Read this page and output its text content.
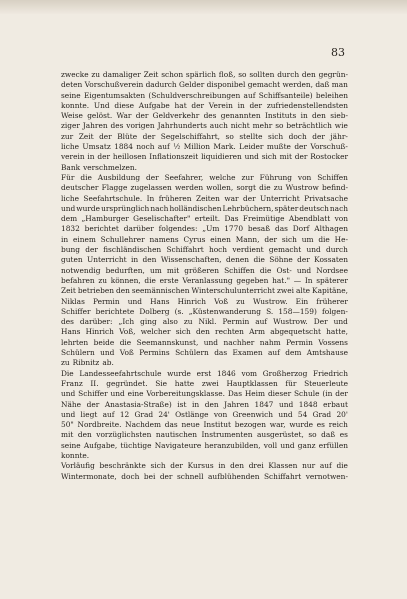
83
zwecke zu damaliger Zeit schon spärlich floß, so sollten durch den gegrün-
deten Vorschußverein dadurch Gelder disponibel gemacht werden, daß man
seine Eigentumsakten (Schuldverschreibungen auf Schiffsanteile) beleihen
konnte. Und diese Aufgabe hat der Verein in der zufriedenstellendsten
Weise gelöst. War der Geldverkehr des genannten Instituts in den sieb-
ziger Jahren des vorigen Jahrhunderts auch nicht mehr so beträchtlich wie
zur Zeit der Blüte der Segelschiffahrt, so stellte sich doch der jähr-
liche Umsatz 1884 noch auf ½ Million Mark. Leider mußte der Vorschuß-
verein in der heillosen Inflationszeit liquidieren und sich mit der Rostocker
Bank verschmelzen.
Für die Ausbildung der Seefahrer, welche zur Führung von Schiffen
deutscher Flagge zugelassen werden wollen, sorgt die zu Wustrow befind-
liche Seefahrtschule. In früheren Zeiten war der Unterricht Privatsache
und wurde ursprünglich nach holländischen Lehrbüchern, später deutsch nach
dem „Hamburger Geselischafter" erteilt. Das Freimütige Abendblatt von
1832 berichtet darüber folgendes: „Um 1770 besaß das Dorf Althagen
in einem Schullehrer namens Cyrus einen Mann, der sich um die He-
bung der fischländischen Schiffahrt hoch verdient gemacht und durch
guten Unterricht in den Wissenschaften, denen die Söhne der Kossaten
notwendig bedurften, um mit größeren Schiffen die Ost- und Nordsee
befahren zu können, die erste Veranlassung gegeben hat." — In späterer
Zeit betrieben den seemännischen Winterschulunterricht zwei alte Kapitäne,
Niklas Permin und Hans Hinrich Voß zu Wustrow. Ein früherer
Schiffer berichtete Dolberg (s. „Küstenwanderung S. 158—159) folgen-
des darüber: „Ich ging also zu Nikl. Permin auf Wustrow. Der und
Hans Hinrich Voß, welcher sich den rechten Arm abgequetscht hatte,
lehrten beide die Seemannskunst, und nachher nahm Permin Vossens
Schülern und Voß Permins Schülern das Examen auf dem Amtshause
zu Ribnitz ab.
Die Landesseefahrtschule wurde erst 1846 vom Großherzog Friedrich
Franz II. gegründet. Sie hatte zwei Hauptklassen für Steuerleute
und Schiffer und eine Vorbereitungsklasse. Das Heim dieser Schule (in der
Nähe der Anastasia-Straße) ist in den Jahren 1847 und 1848 erbaut
und liegt auf 12 Grad 24' Ostlänge von Greenwich und 54 Grad 20'
50" Nordbreite. Nachdem das neue Institut bezogen war, wurde es reich
mit den vorzüglichsten nautischen Instrumenten ausgerüstet, so daß es
seine Aufgabe, tüchtige Navigateure heranzubilden, voll und ganz erfüllen
konnte.
Vorläufig beschränkte sich der Kursus in den drei Klassen nur auf die
Wintermonate, doch bei der schnell aufblühenden Schiffahrt vernotwen-
